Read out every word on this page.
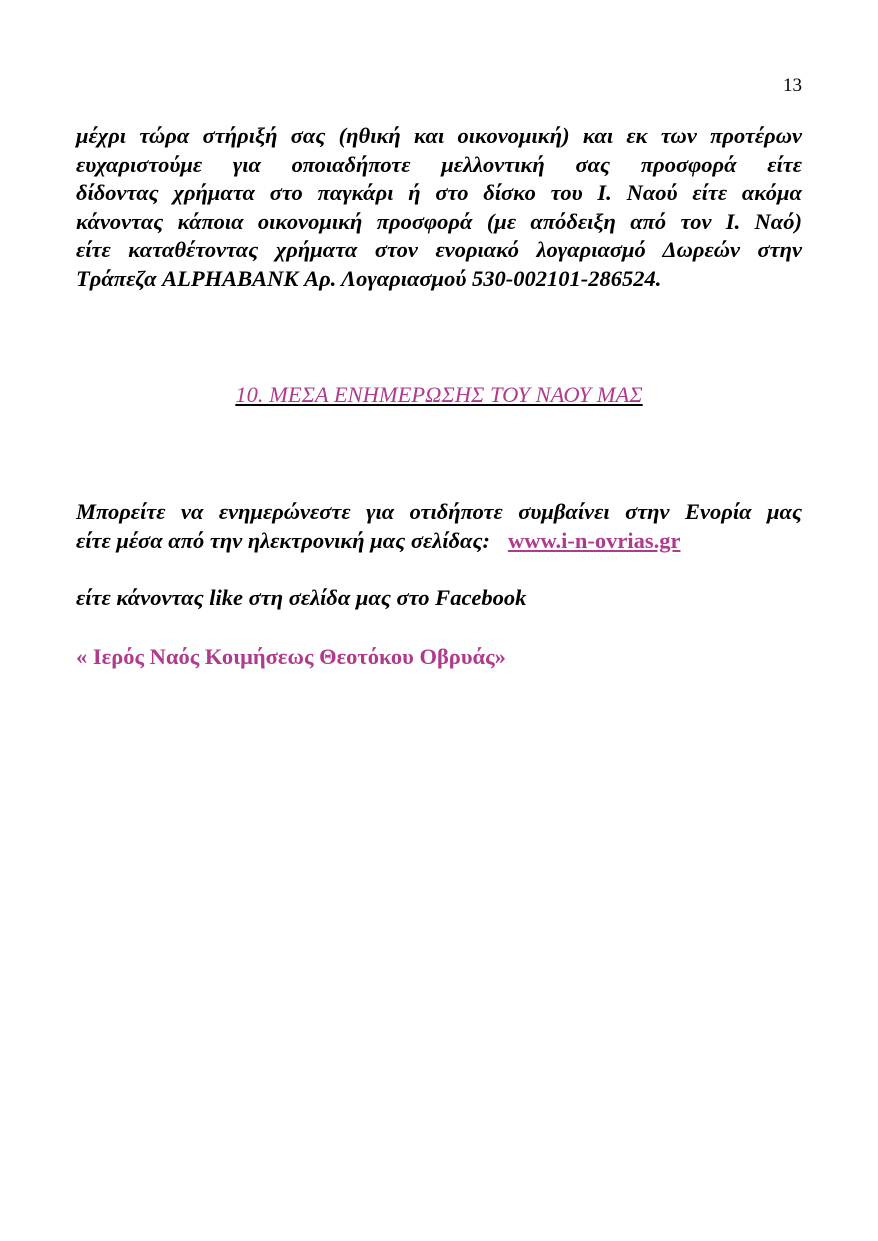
13
μέχρι τώρα στήριξή σας (ηθική και οικονομική) και εκ των προτέρων
ευχαριστούμε για οποιαδήποτε μελλοντική σας προσφορά είτε
δίδοντας χρήματα στο παγκάρι ή στο δίσκο του Ι. Ναού είτε ακόμα
κάνοντας κάποια οικονομική προσφορά (με απόδειξη από τον Ι. Ναό)
είτε καταθέτοντας χρήματα στον ενοριακό λογαριασμό Δωρεών στην
Τράπεζα ALPHABANK Αρ. Λογαριασμού 530-002101-286524.
10. ΜΕΣΑ ΕΝΗΜΕΡΩΣΗΣ ΤΟΥ ΝΑΟΥ ΜΑΣ
Μπορείτε να ενημερώνεστε για οτιδήποτε συμβαίνει στην Ενορία μας
είτε μέσα από την ηλεκτρονική μας σελίδας: www.i-n-ovrias.gr
είτε κάνοντας like στη σελίδα μας στο Facebook
« Ιερός Ναός Κοιμήσεως Θεοτόκου Οβρυάς»
